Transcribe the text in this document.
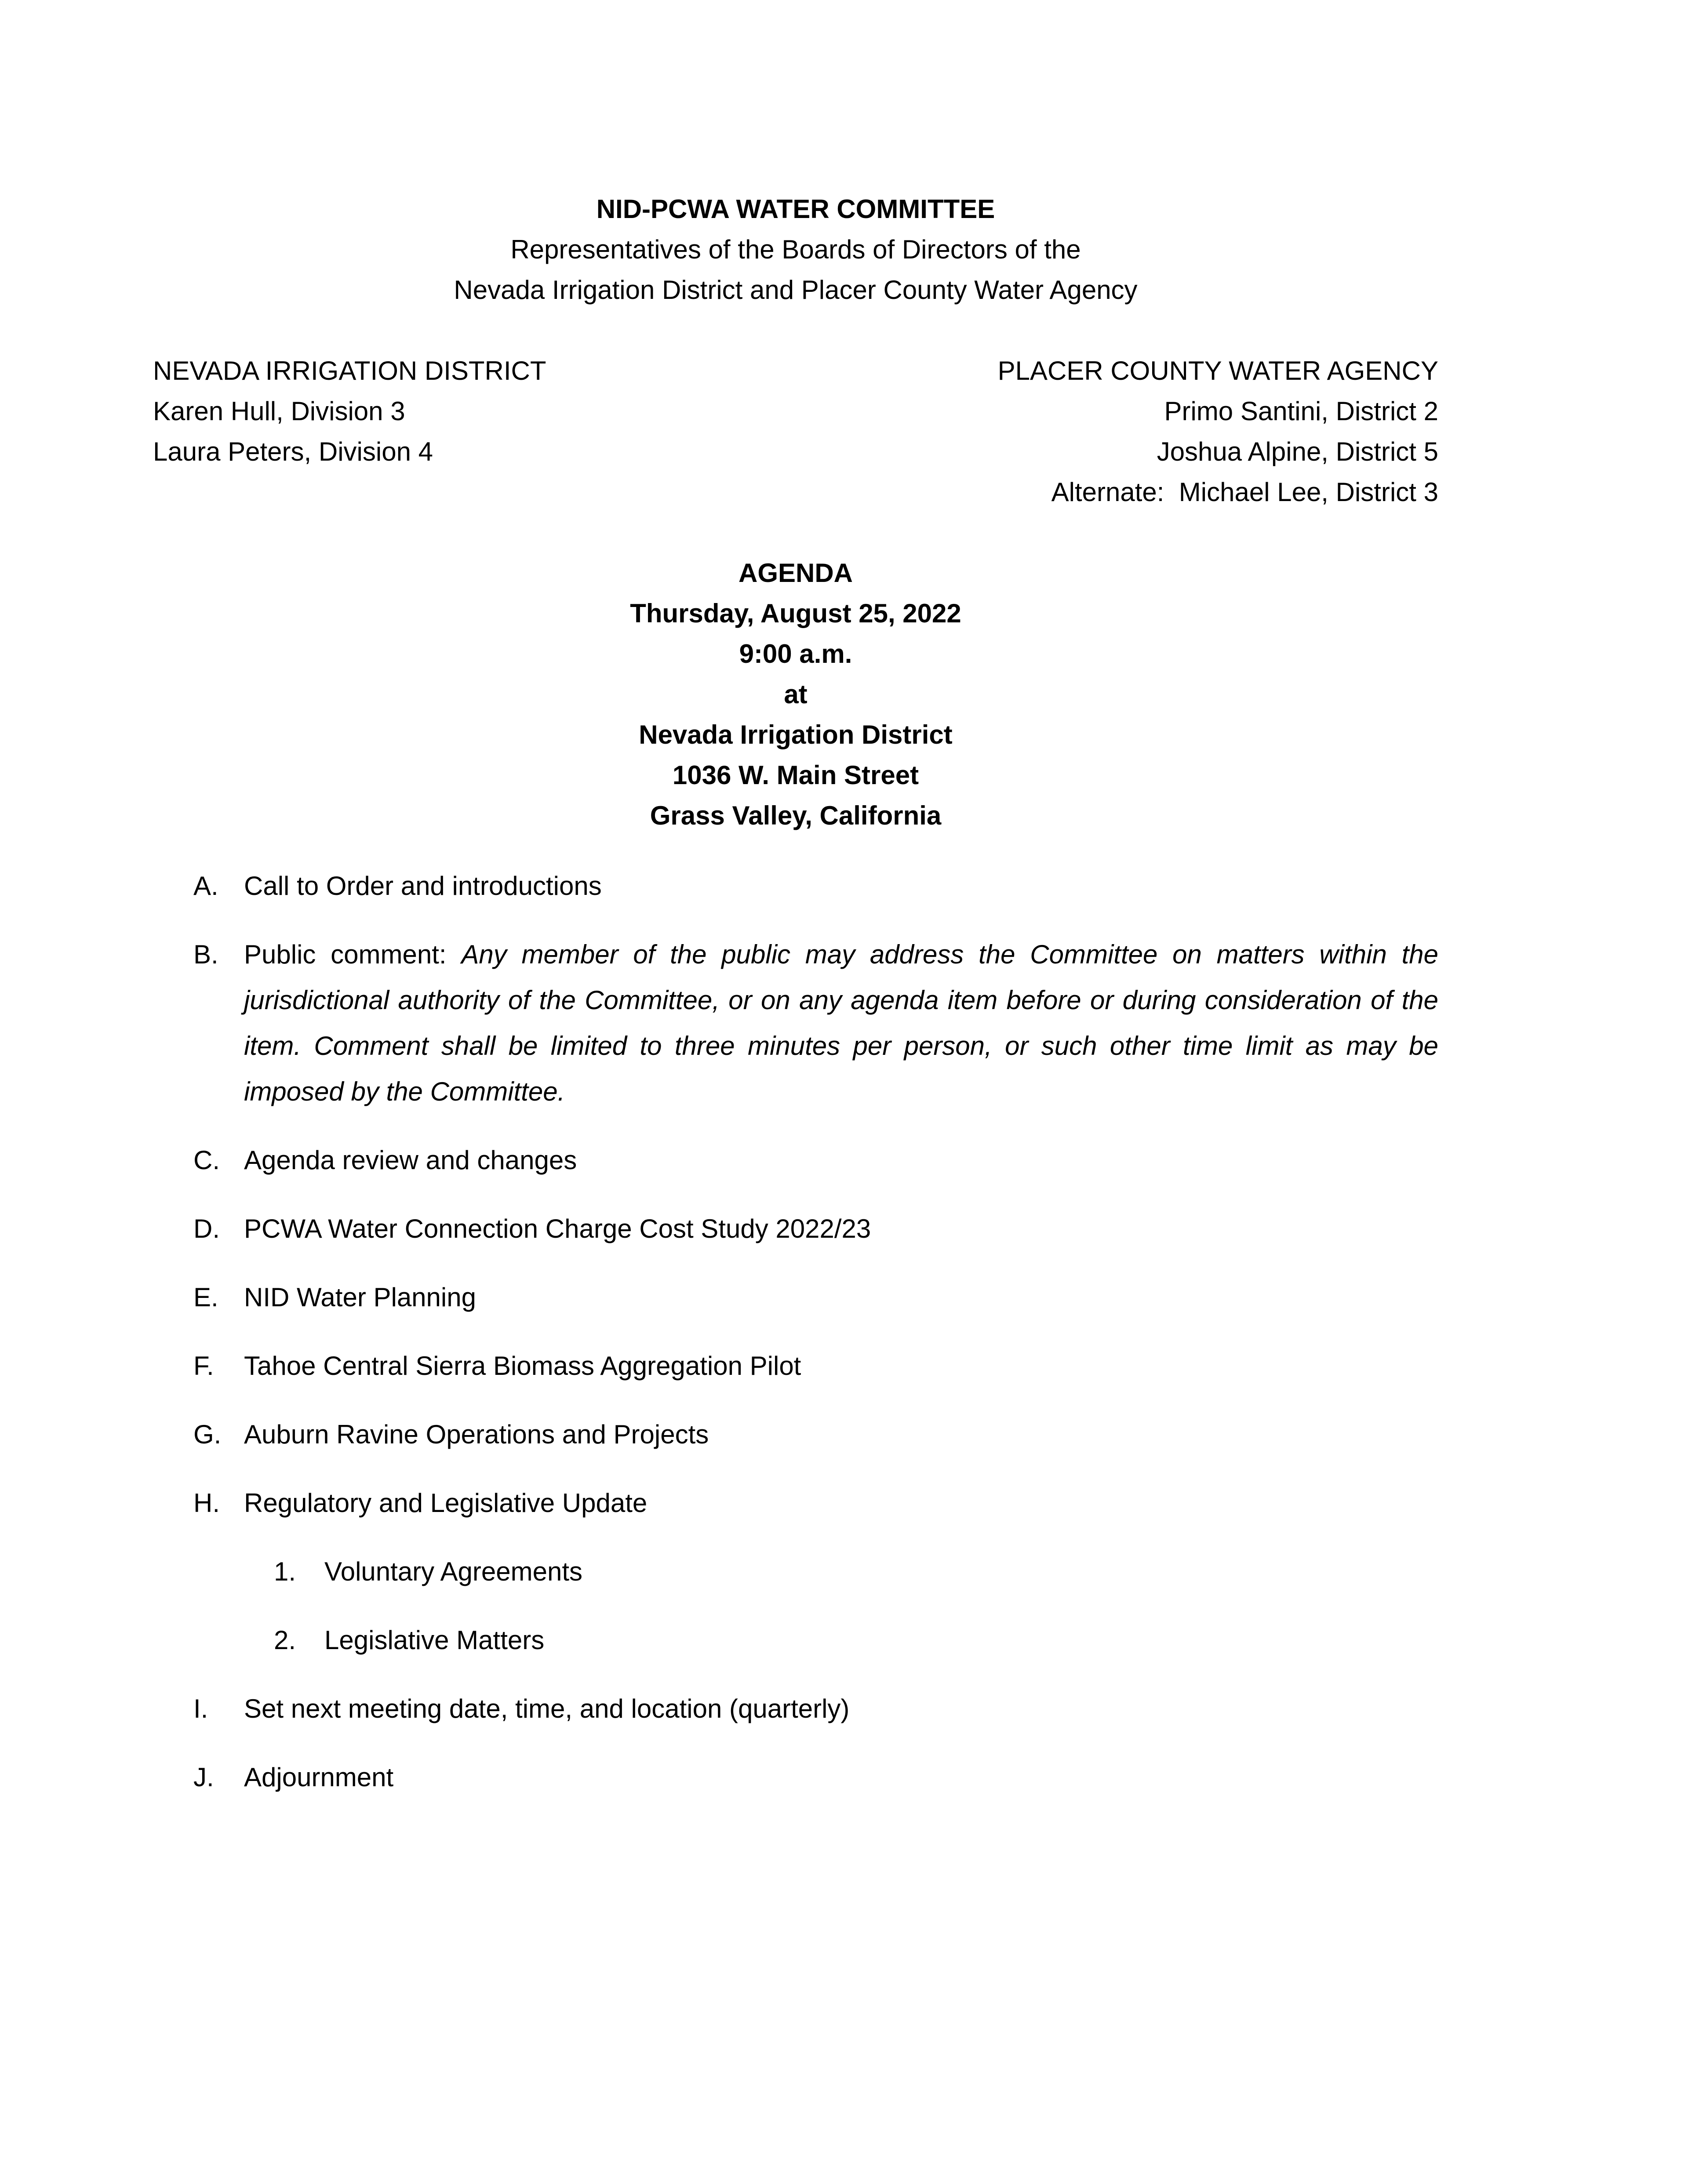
NID-PCWA WATER COMMITTEE
Representatives of the Boards of Directors of the
Nevada Irrigation District and Placer County Water Agency
NEVADA IRRIGATION DISTRICT
Karen Hull, Division 3
Laura Peters, Division 4
PLACER COUNTY WATER AGENCY
Primo Santini, District 2
Joshua Alpine, District 5
Alternate:  Michael Lee, District 3
AGENDA
Thursday, August 25, 2022
9:00 a.m.
at
Nevada Irrigation District
1036 W. Main Street
Grass Valley, California
A. Call to Order and introductions
B. Public comment: Any member of the public may address the Committee on matters within the jurisdictional authority of the Committee, or on any agenda item before or during consideration of the item. Comment shall be limited to three minutes per person, or such other time limit as may be imposed by the Committee.
C. Agenda review and changes
D. PCWA Water Connection Charge Cost Study 2022/23
E. NID Water Planning
F.	Tahoe Central Sierra Biomass Aggregation Pilot
G. Auburn Ravine Operations and Projects
H. Regulatory and Legislative Update
1.	Voluntary Agreements
2.	Legislative Matters
I.	Set next meeting date, time, and location (quarterly)
J.	Adjournment
